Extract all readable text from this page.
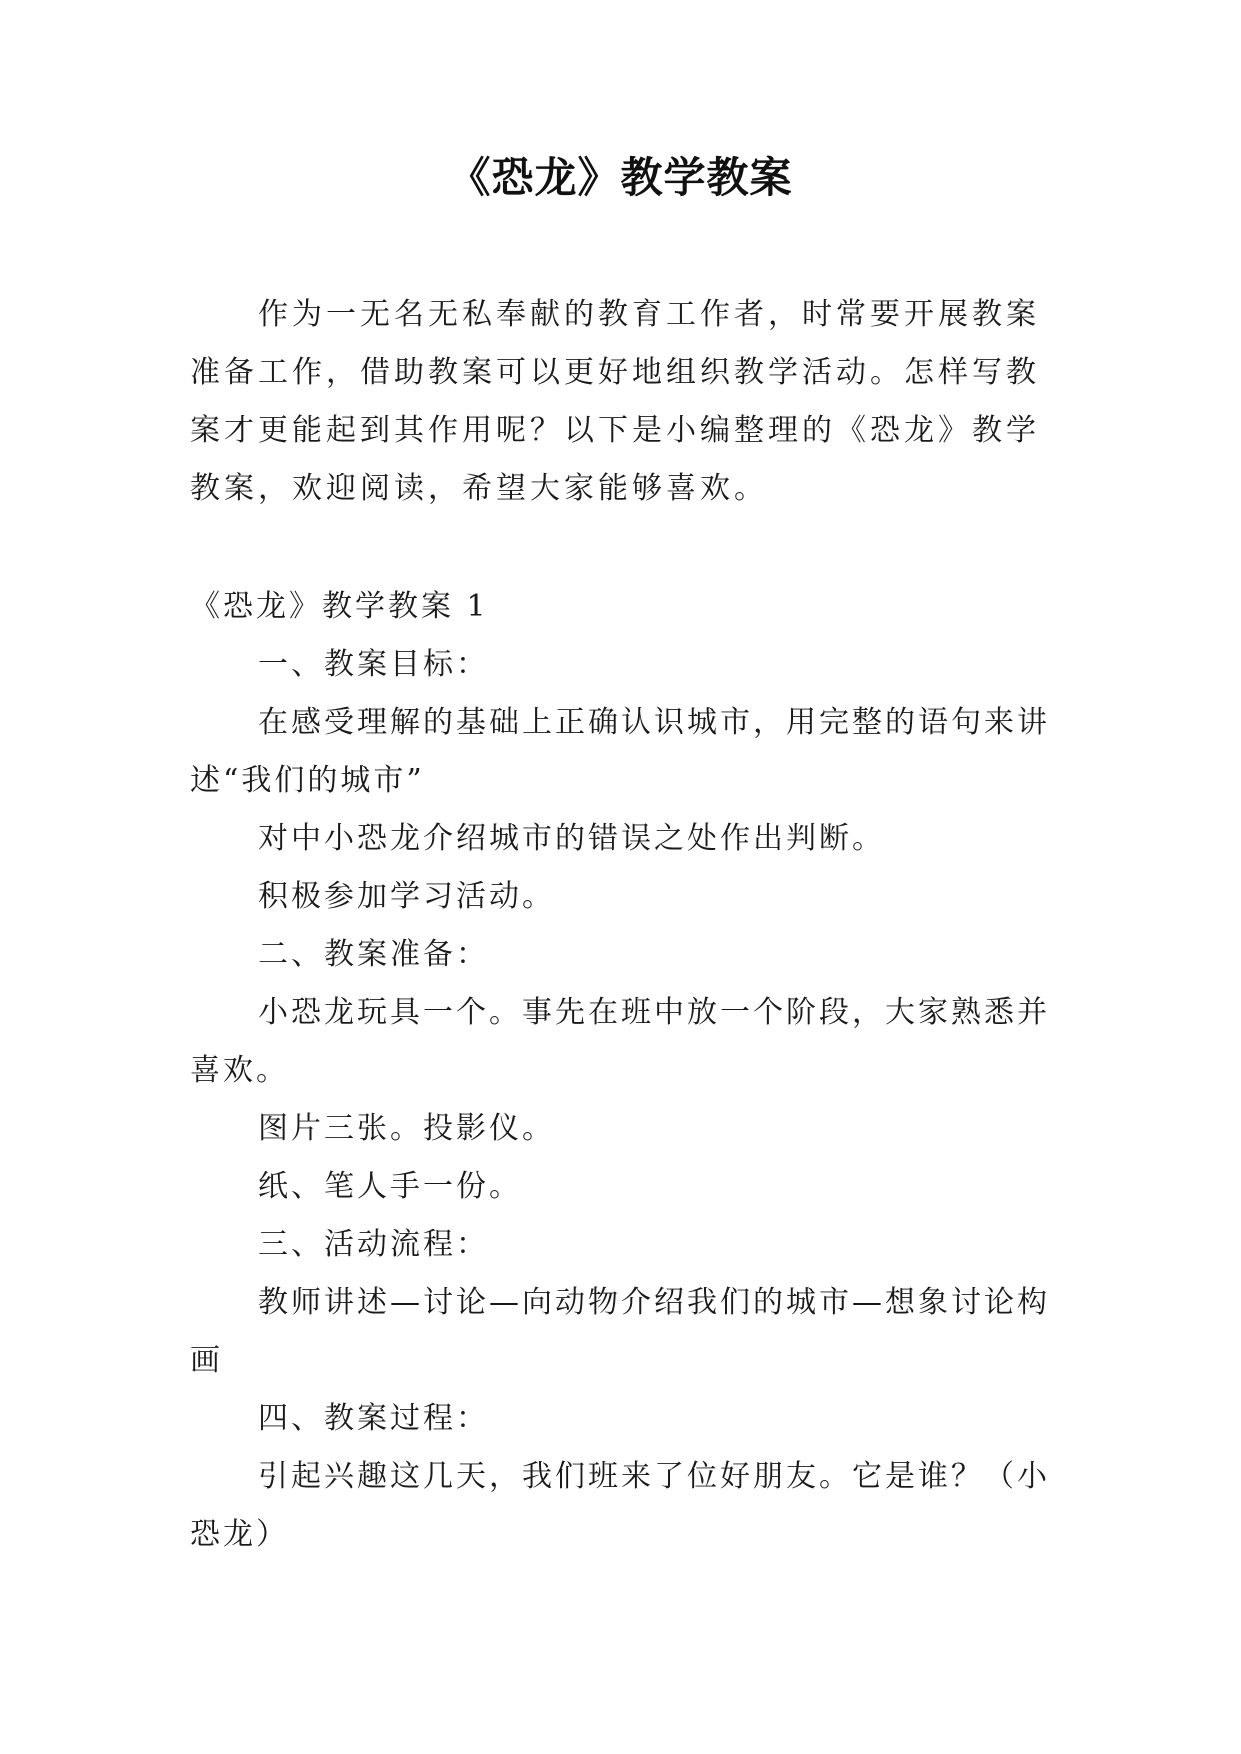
《恐龙》教学教案

作为一无名无私奉献的教育工作者，时常要开展教案准备工作，借助教案可以更好地组织教学活动。怎样写教案才更能起到其作用呢？以下是小编整理的《恐龙》教学教案，欢迎阅读，希望大家能够喜欢。

《恐龙》教学教案 1

一、教案目标：

在感受理解的基础上正确认识城市，用完整的语句来讲述“我们的城市”

对中小恐龙介绍城市的错误之处作出判断。

积极参加学习活动。

二、教案准备：

小恐龙玩具一个。事先在班中放一个阶段，大家熟悉并喜欢。

图片三张。投影仪。

纸、笔人手一份。

三、活动流程：

教师讲述—讨论—向动物介绍我们的城市—想象讨论构画

四、教案过程：

引起兴趣这几天，我们班来了位好朋友。它是谁？（小恐龙）
